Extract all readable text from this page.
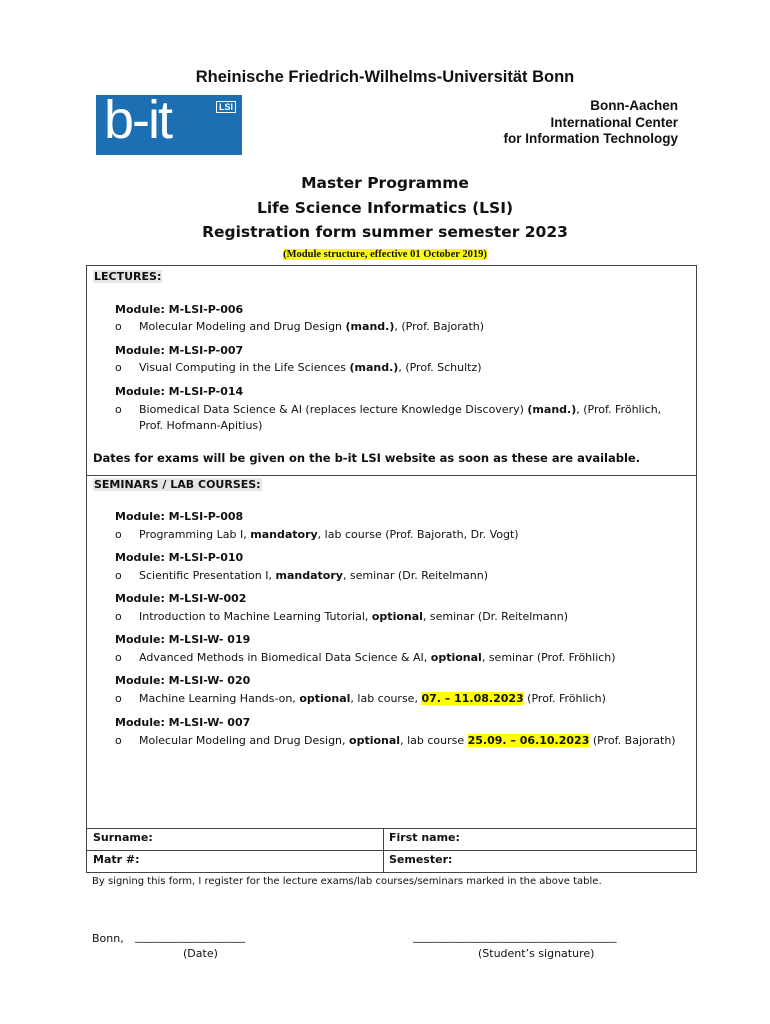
Rheinische Friedrich-Wilhelms-Universität Bonn
b-it	LSI	Bonn-Aachen
International Center
for Information Technology
Master Programme
Life Science Informatics (LSI)
Registration form summer semester 2023
(Module structure, effective 01 October 2019)
LECTURES:
Module: M-LSI-P-006
o Molecular Modeling and Drug Design (mand.), (Prof. Bajorath)
Module: M-LSI-P-007
o Visual Computing in the Life Sciences (mand.), (Prof. Schultz)
Module: M-LSI-P-014
o Biomedical Data Science & AI (replaces lecture Knowledge Discovery) (mand.), (Prof. Fröhlich,
Prof. Hofmann-Apitius)
Dates for exams will be given on the b-it LSI website as soon as these are available.
SEMINARS / LAB COURSES:
Module: M-LSI-P-008
o Programming Lab I, mandatory, lab course (Prof. Bajorath, Dr. Vogt)
Module: M-LSI-P-010
o Scientific Presentation I, mandatory, seminar (Dr. Reitelmann)
Module: M-LSI-W-002
o Introduction to Machine Learning Tutorial, optional, seminar (Dr. Reitelmann)
Module: M-LSI-W- 019
o Advanced Methods in Biomedical Data Science & AI, optional, seminar (Prof. Fröhlich)
Module: M-LSI-W- 020
o Machine Learning Hands-on, optional, lab course, 07. – 11.08.2023 (Prof. Fröhlich)
Module: M-LSI-W- 007
o Molecular Modeling and Drug Design, optional, lab course 25.09. – 06.10.2023 (Prof. Bajorath)
Surname:	First name:
Matr #:	Semester:
By signing this form, I register for the lecture exams/lab courses/seminars marked in the above table.
Bonn, ____________________
(Date)
_____________________________________
(Student’s signature)
